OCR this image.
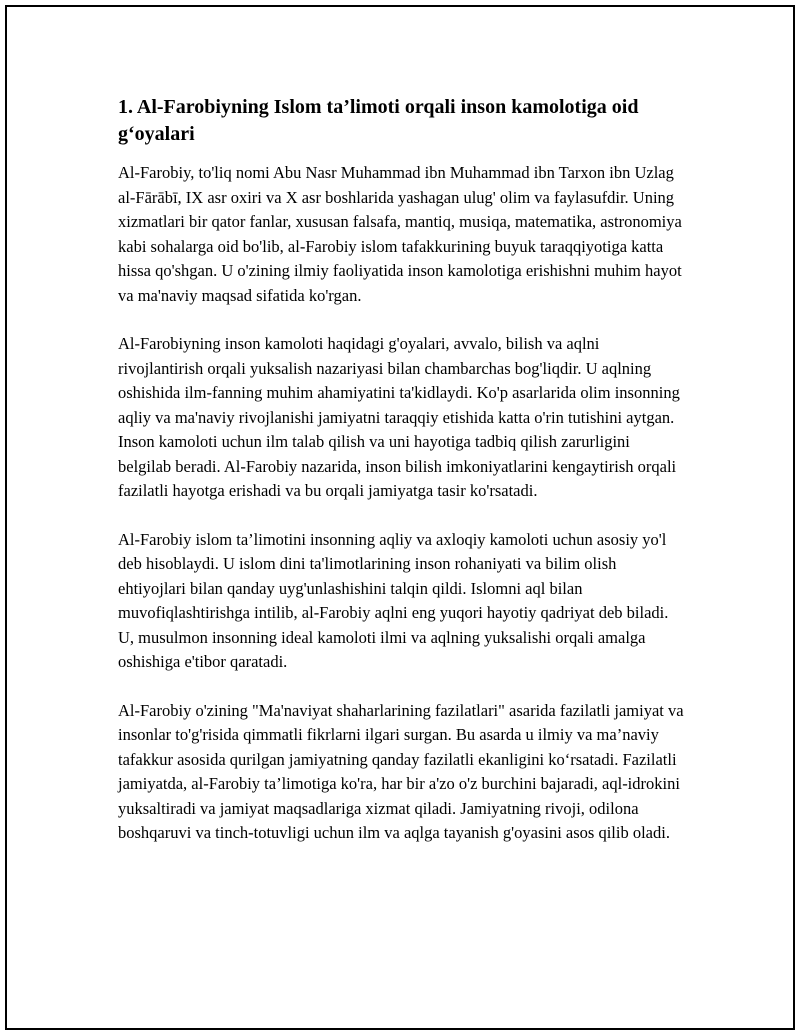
1. Al-Farobiyning Islom ta’limoti orqali inson kamolotiga oid g‘oyalari

Al-Farobiy, to'liq nomi Abu Nasr Muhammad ibn Muhammad ibn Tarxon ibn Uzlag al-Fārābī, IX asr oxiri va X asr boshlarida yashagan ulug' olim va faylasufdir. Uning xizmatlari bir qator fanlar, xususan falsafa, mantiq, musiqa, matematika, astronomiya kabi sohalarga oid bo'lib, al-Farobiy islom tafakkurining buyuk taraqqiyotiga katta hissa qo'shgan. U o'zining ilmiy faoliyatida inson kamolotiga erishishni muhim hayot va ma'naviy maqsad sifatida ko'rgan.

Al-Farobiyning inson kamoloti haqidagi g'oyalari, avvalo, bilish va aqlni rivojlantirish orqali yuksalish nazariyasi bilan chambarchas bog'liqdir. U aqlning oshishida ilm-fanning muhim ahamiyatini ta'kidlaydi. Ko'p asarlarida olim insonning aqliy va ma'naviy rivojlanishi jamiyatni taraqqiy etishida katta o'rin tutishini aytgan. Inson kamoloti uchun ilm talab qilish va uni hayotiga tadbiq qilish zarurligini belgilab beradi. Al-Farobiy nazarida, inson bilish imkoniyatlarini kengaytirish orqali fazilatli hayotga erishadi va bu orqali jamiyatga tasir ko'rsatadi.

Al-Farobiy islom ta’limotini insonning aqliy va axloqiy kamoloti uchun asosiy yo'l deb hisoblaydi. U islom dini ta'limotlarining inson rohaniyati va bilim olish ehtiyojlari bilan qanday uyg'unlashishini talqin qildi. Islomni aql bilan muvofiqlashtirishga intilib, al-Farobiy aqlni eng yuqori hayotiy qadriyat deb biladi. U, musulmon insonning ideal kamoloti ilmi va aqlning yuksalishi orqali amalga oshishiga e'tibor qaratadi.

Al-Farobiy o'zining "Ma'naviyat shaharlarining fazilatlari" asarida fazilatli jamiyat va insonlar to'g'risida qimmatli fikrlarni ilgari surgan. Bu asarda u ilmiy va ma’naviy tafakkur asosida qurilgan jamiyatning qanday fazilatli ekanligini ko‘rsatadi. Fazilatli jamiyatda, al-Farobiy ta’limotiga ko'ra, har bir a'zo o'z burchini bajaradi, aql-idrokini yuksaltiradi va jamiyat maqsadlariga xizmat qiladi. Jamiyatning rivoji, odilona boshqaruvi va tinch-totuvligi uchun ilm va aqlga tayanish g'oyasini asos qilib oladi.
